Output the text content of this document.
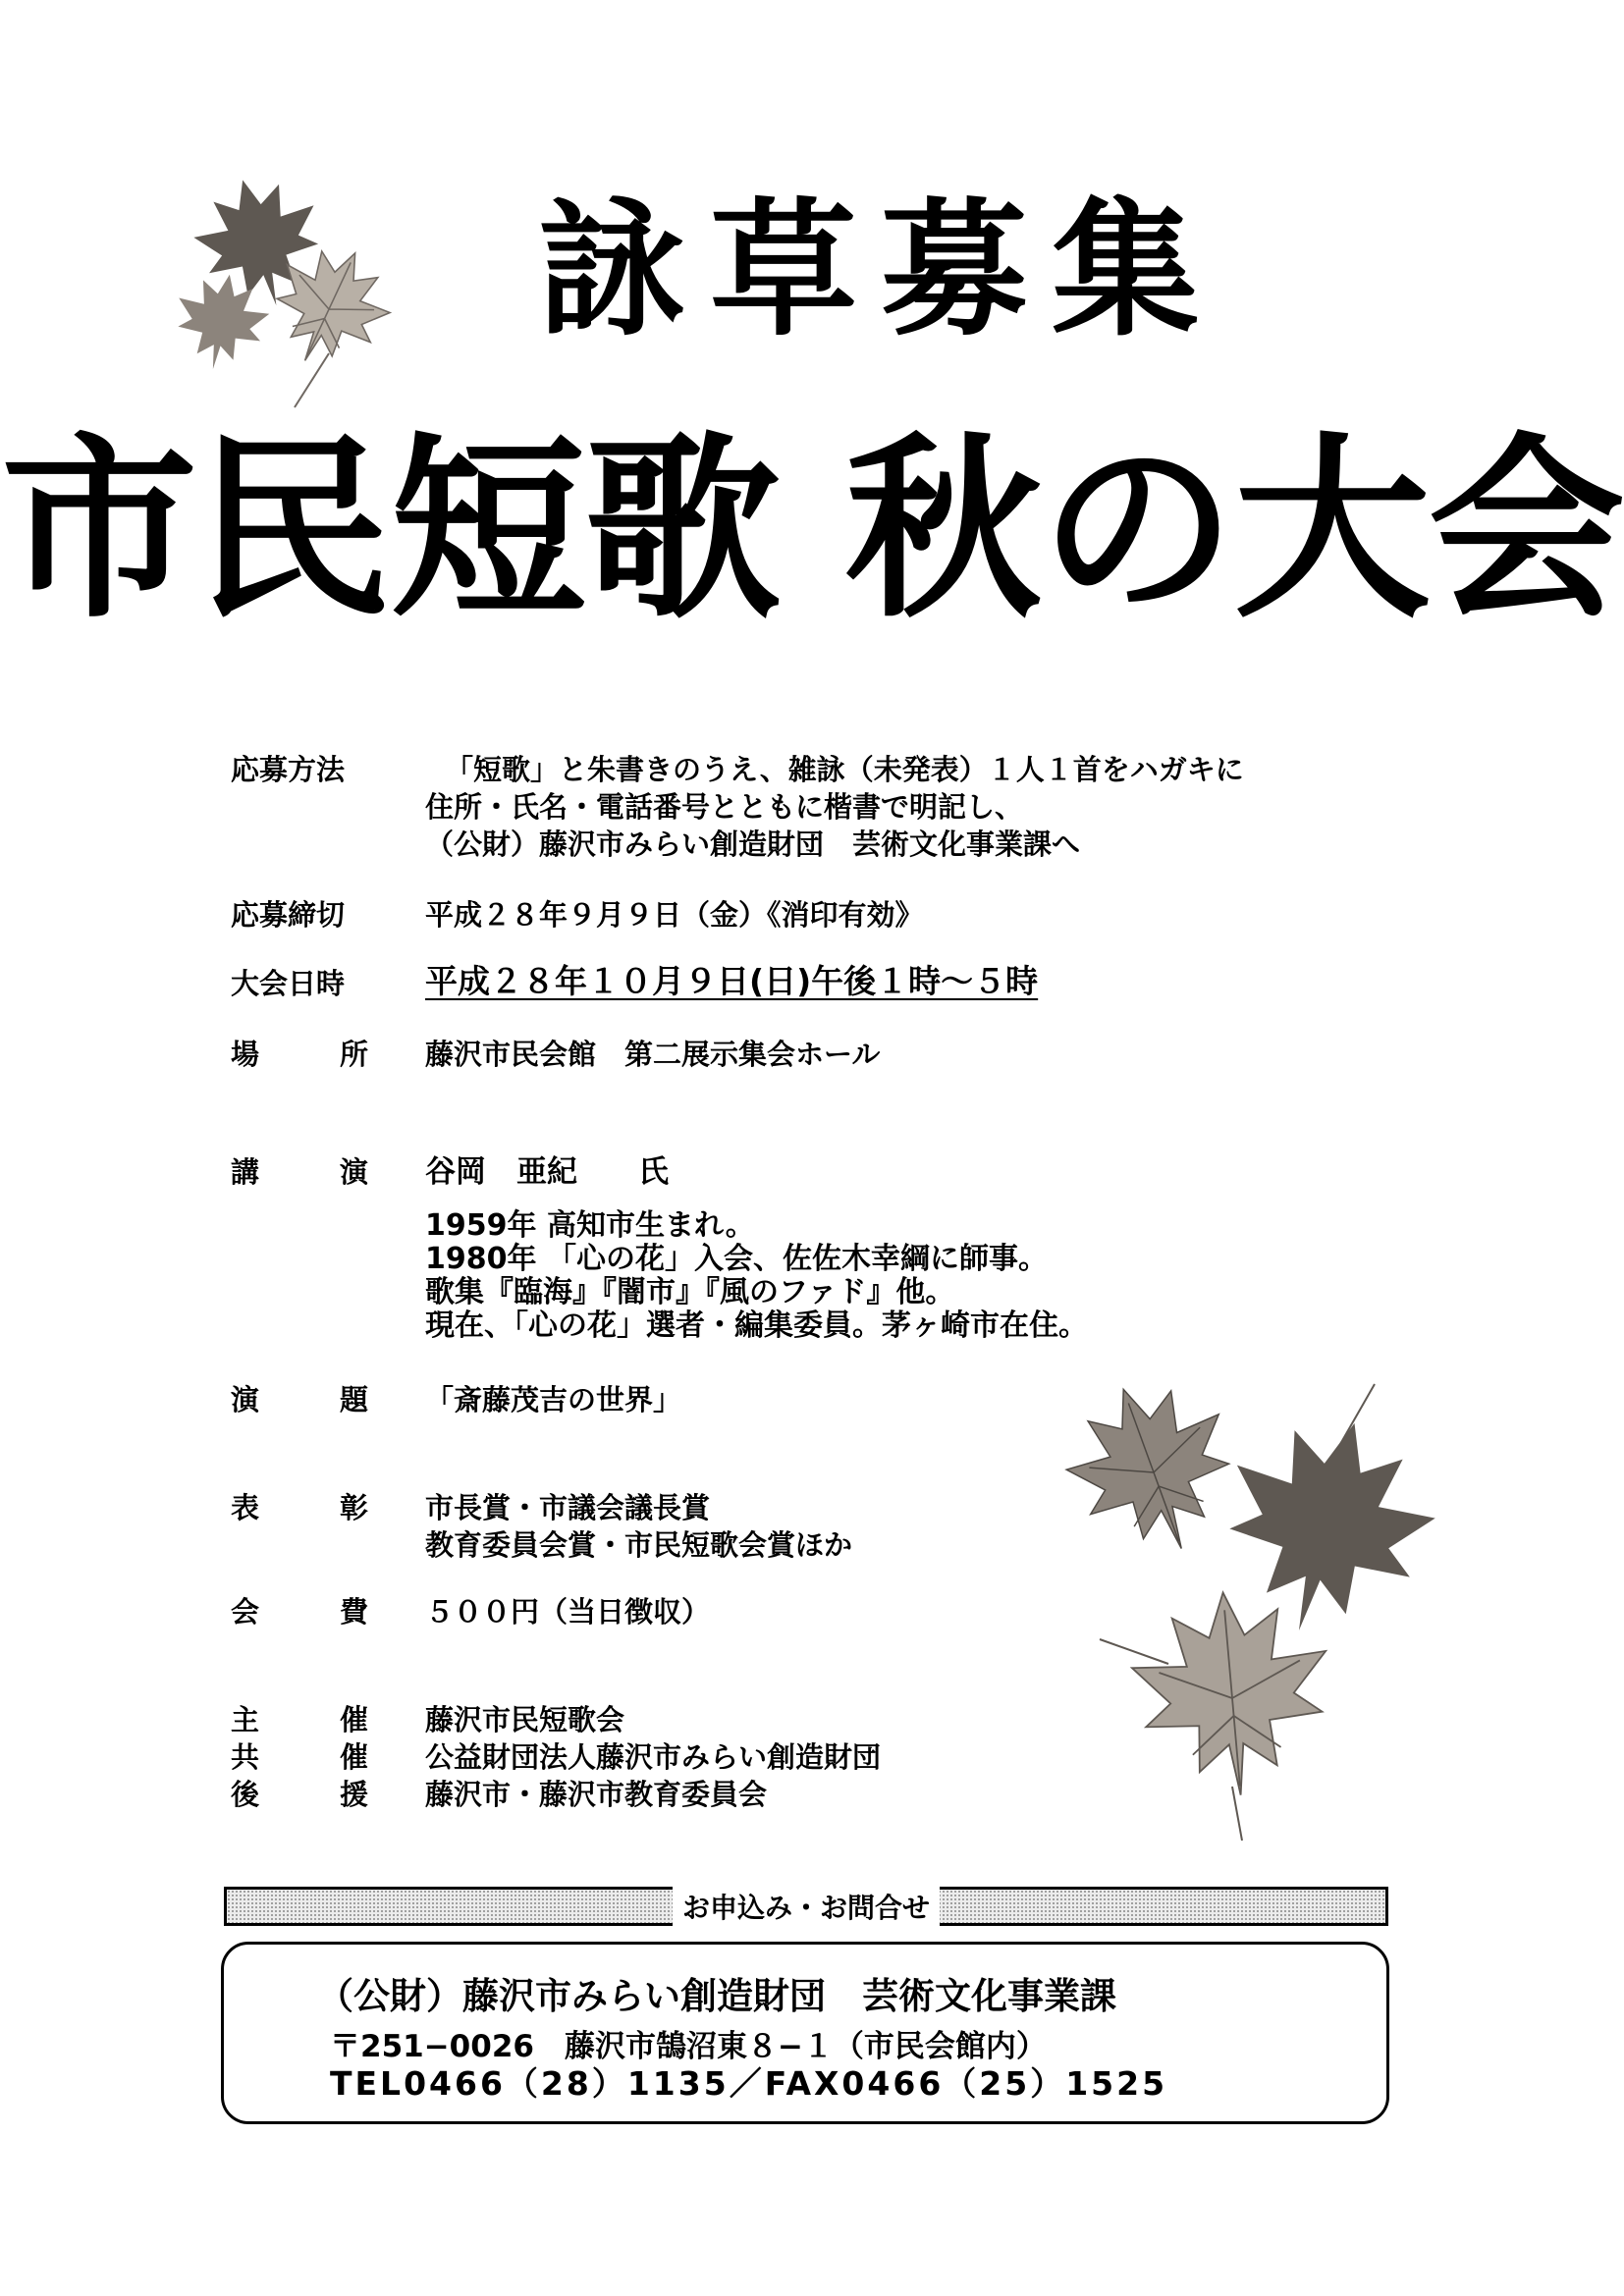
詠草募集
市民短歌 秋の大会
応 募 方 法	「短歌」と朱書きのうえ、雑詠（未発表）１人１首をハガキに
住所・氏名・電話番号とともに楷書で明記し、
（公財）藤沢市みらい創造財団　芸術文化事業課へ
応 募 締 切	平成２８年９月９日（金）《消印有効》
大 会 日 時 平成２８年１０月９日(日)午後１時～５時
場	所 藤沢市民会館　第二展示集会ホール
講	演 谷岡　亜紀　　氏
1959年 高知市生まれ。
1980年 「心の花」入会、佐佐木幸綱に師事。
歌集『臨海』『闇市』『風のファド』他。
現在、「心の花」選者・編集委員。茅ヶ崎市在住。
演	題 「斎藤茂吉の世界」
表	彰 市長賞・市議会議長賞
教育委員会賞・市民短歌会賞ほか
会	費 ５００円（当日徴収）
主	催 藤沢市民短歌会
共	催 公益財団法人藤沢市みらい創造財団
後	援 藤沢市・藤沢市教育委員会
お申込み・お問合せ
（公財）藤沢市みらい創造財団　芸術文化事業課
〒251−0026　藤沢市鵠沼東８−１（市民会館内）
TEL0466（28）1135／FAX0466（25）1525
